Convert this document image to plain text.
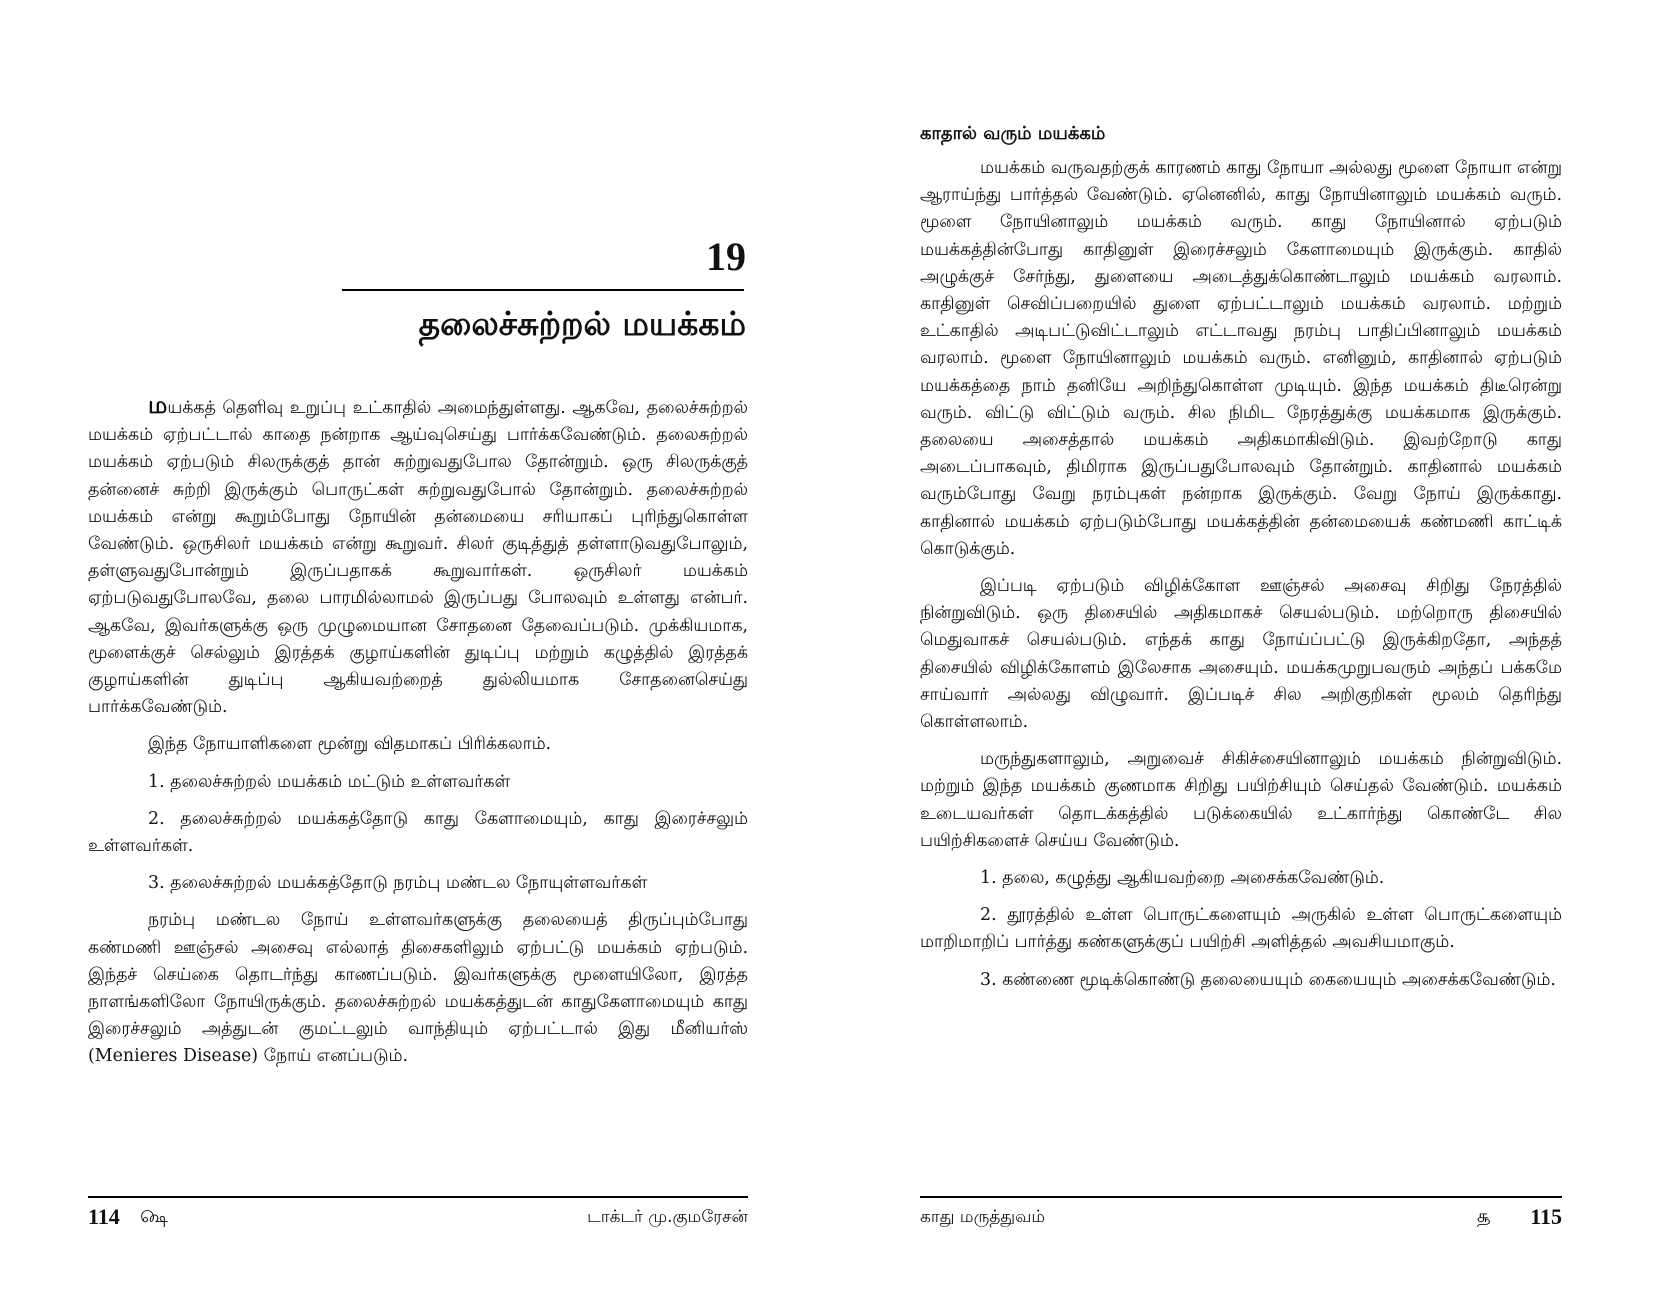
19
தலைச்சுற்றல் மயக்கம்

மயக்கத் தெளிவு உறுப்பு உட்காதில் அமைந்துள்ளது. ஆகவே, தலைச்சுற்றல் மயக்கம் ஏற்பட்டால் காதை நன்றாக ஆய்வுசெய்து பார்க்கவேண்டும். தலைசுற்றல் மயக்கம் ஏற்படும் சிலருக்குத் தான் சுற்றுவதுபோல தோன்றும். ஒரு சிலருக்குத் தன்னைச் சுற்றி இருக்கும் பொருட்கள் சுற்றுவதுபோல் தோன்றும். தலைச்சுற்றல் மயக்கம் என்று கூறும்போது நோயின் தன்மையை சரியாகப் புரிந்துகொள்ள வேண்டும். ஒருசிலர் மயக்கம் என்று கூறுவர். சிலர் குடித்துத் தள்ளாடுவதுபோலும், தள்ளுவதுபோன்றும் இருப்பதாகக் கூறுவார்கள். ஒருசிலர் மயக்கம் ஏற்படுவதுபோலவே, தலை பாரமில்லாமல் இருப்பது போலவும் உள்ளது என்பர். ஆகவே, இவர்களுக்கு ஒரு முழுமையான சோதனை தேவைப்படும். முக்கியமாக, மூளைக்குச் செல்லும் இரத்தக் குழாய்களின் துடிப்பு மற்றும் கழுத்தில் இரத்தக் குழாய்களின் துடிப்பு ஆகியவற்றைத் துல்லியமாக சோதனைசெய்து பார்க்கவேண்டும்.

இந்த நோயாளிகளை மூன்று விதமாகப் பிரிக்கலாம்.

1. தலைச்சுற்றல் மயக்கம் மட்டும் உள்ளவர்கள்

2. தலைச்சுற்றல் மயக்கத்தோடு காது கேளாமையும், காது இரைச்சலும் உள்ளவர்கள்.

3. தலைச்சுற்றல் மயக்கத்தோடு நரம்பு மண்டல நோயுள்ளவர்கள்

நரம்பு மண்டல நோய் உள்ளவர்களுக்கு தலையைத் திருப்பும்போது கண்மணி ஊஞ்சல் அசைவு எல்லாத் திசைகளிலும் ஏற்பட்டு மயக்கம் ஏற்படும். இந்தச் செய்கை தொடர்ந்து காணப்படும். இவர்களுக்கு மூளையிலோ, இரத்த நாளங்களிலோ நோயிருக்கும். தலைச்சுற்றல் மயக்கத்துடன் காதுகேளாமையும் காது இரைச்சலும் அத்துடன் குமட்டலும் வாந்தியும் ஏற்பட்டால் இது மீனியர்ஸ் (Menieres Disease) நோய் எனப்படும்.

114 ௸	டாக்டர் மு.குமரேசன்
காதால் வரும் மயக்கம்

மயக்கம் வருவதற்குக் காரணம் காது நோயா அல்லது மூளை நோயா என்று ஆராய்ந்து பார்த்தல் வேண்டும். ஏனெனில், காது நோயினாலும் மயக்கம் வரும். மூளை நோயினாலும் மயக்கம் வரும். காது நோயினால் ஏற்படும் மயக்கத்தின்போது காதினுள் இரைச்சலும் கேளாமையும் இருக்கும். காதில் அழுக்குச் சேர்ந்து, துளையை அடைத்துக்கொண்டாலும் மயக்கம் வரலாம். காதினுள் செவிப்பறையில் துளை ஏற்பட்டாலும் மயக்கம் வரலாம். மற்றும் உட்காதில் அடிபட்டுவிட்டாலும் எட்டாவது நரம்பு பாதிப்பினாலும் மயக்கம் வரலாம். மூளை நோயினாலும் மயக்கம் வரும். எனினும், காதினால் ஏற்படும் மயக்கத்தை நாம் தனியே அறிந்துகொள்ள முடியும். இந்த மயக்கம் திடீரென்று வரும். விட்டு விட்டும் வரும். சில நிமிட நேரத்துக்கு மயக்கமாக இருக்கும். தலையை அசைத்தால் மயக்கம் அதிகமாகிவிடும். இவற்றோடு காது அடைப்பாகவும், திமிராக இருப்பதுபோலவும் தோன்றும். காதினால் மயக்கம் வரும்போது வேறு நரம்புகள் நன்றாக இருக்கும். வேறு நோய் இருக்காது. காதினால் மயக்கம் ஏற்படும்போது மயக்கத்தின் தன்மையைக் கண்மணி காட்டிக் கொடுக்கும்.

இப்படி ஏற்படும் விழிக்கோள ஊஞ்சல் அசைவு சிறிது நேரத்தில் நின்றுவிடும். ஒரு திசையில் அதிகமாகச் செயல்படும். மற்றொரு திசையில் மெதுவாகச் செயல்படும். எந்தக் காது நோய்ப்பட்டு இருக்கிறதோ, அந்தத் திசையில் விழிக்கோளம் இலேசாக அசையும். மயக்கமுறுபவரும் அந்தப் பக்கமே சாய்வார் அல்லது விழுவார். இப்படிச் சில அறிகுறிகள் மூலம் தெரிந்து கொள்ளலாம்.

மருந்துகளாலும், அறுவைச் சிகிச்சையினாலும் மயக்கம் நின்றுவிடும். மற்றும் இந்த மயக்கம் குணமாக சிறிது பயிற்சியும் செய்தல் வேண்டும். மயக்கம் உடையவர்கள் தொடக்கத்தில் படுக்கையில் உட்கார்ந்து கொண்டே சில பயிற்சிகளைச் செய்ய வேண்டும்.

1. தலை, கழுத்து ஆகியவற்றை அசைக்கவேண்டும்.

2. தூரத்தில் உள்ள பொருட்களையும் அருகில் உள்ள பொருட்களையும் மாறிமாறிப் பார்த்து கண்களுக்குப் பயிற்சி அளித்தல் அவசியமாகும்.

3. கண்ணை மூடிக்கொண்டு தலையையும் கையையும் அசைக்கவேண்டும்.

காது மருத்துவம்	௲	115
